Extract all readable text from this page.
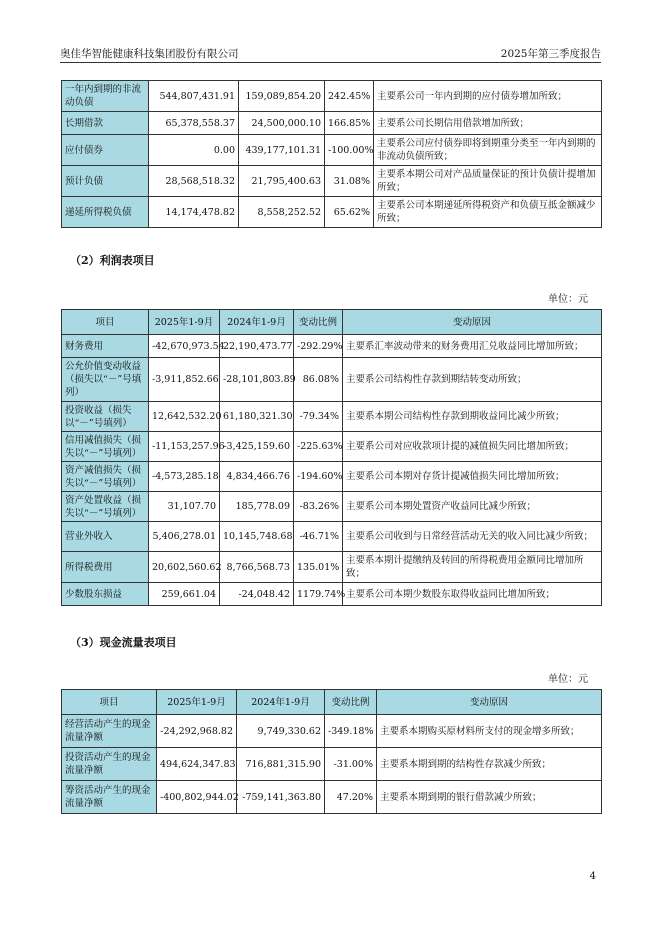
奥佳华智能健康科技集团股份有限公司	2025年第三季度报告
一年内到期的非流动负债	544,807,431.91	159,089,854.20	242.45%	主要系公司一年内到期的应付债券增加所致；
长期借款	65,378,558.37	24,500,000.10	166.85%	主要系公司长期信用借款增加所致；
应付债券	0.00	439,177,101.31	-100.00%	主要系公司应付债券即将到期重分类至一年内到期的非流动负债所致；
预计负债	28,568,518.32	21,795,400.63	31.08%	主要系本期公司对产品质量保证的预计负债计提增加所致；
递延所得税负债	14,174,478.82	8,558,252.52	65.62%	主要系公司本期递延所得税资产和负债互抵金额减少所致；
（2）利润表项目
单位：元
项目	2025年1-9月	2024年1-9月	变动比例	变动原因
财务费用	-42,670,973.54	22,190,473.77	-292.29%	主要系汇率波动带来的财务费用汇兑收益同比增加所致；
公允价值变动收益（损失以“－”号填列）	-3,911,852.66	-28,101,803.89	86.08%	主要系公司结构性存款到期结转变动所致；
投资收益（损失以“－”号填列）	12,642,532.20	61,180,321.30	-79.34%	主要系本期公司结构性存款到期收益同比减少所致；
信用减值损失（损失以“－”号填列）	-11,153,257.96	-3,425,159.60	-225.63%	主要系公司对应收款项计提的减值损失同比增加所致；
资产减值损失（损失以“－”号填列）	-4,573,285.18	4,834,466.76	-194.60%	主要系公司本期对存货计提减值损失同比增加所致；
资产处置收益（损失以“－”号填列）	31,107.70	185,778.09	-83.26%	主要系公司本期处置资产收益同比减少所致；
营业外收入	5,406,278.01	10,145,748.68	-46.71%	主要系公司收到与日常经营活动无关的收入同比减少所致；
所得税费用	20,602,560.62	8,766,568.73	135.01%	主要系本期计提缴纳及转回的所得税费用金额同比增加所致；
少数股东损益	259,661.04	-24,048.42	1179.74%	主要系公司本期少数股东取得收益同比增加所致；
（3）现金流量表项目
单位：元
项目	2025年1-9月	2024年1-9月	变动比例	变动原因
经营活动产生的现金流量净额	-24,292,968.82	9,749,330.62	-349.18%	主要系本期购买原材料所支付的现金增多所致；
投资活动产生的现金流量净额	494,624,347.83	716,881,315.90	-31.00%	主要系本期到期的结构性存款减少所致；
筹资活动产生的现金流量净额	-400,802,944.02	-759,141,363.80	47.20%	主要系本期到期的银行借款减少所致；
4
